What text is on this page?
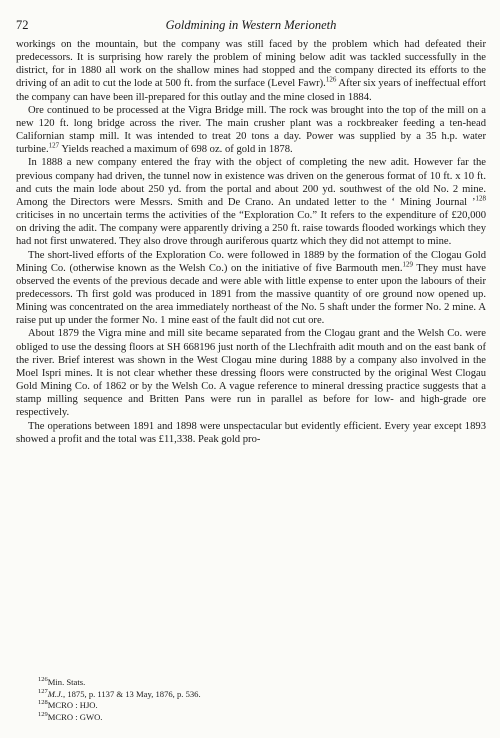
72	Goldmining in Western Merioneth

workings on the mountain, but the company was still faced by the problem which had defeated their predecessors. It is surprising how rarely the problem of mining below adit was tackled successfully in the district, for in 1880 all work on the shallow mines had stopped and the company directed its efforts to the driving of an adit to cut the lode at 500 ft. from the surface (Level Fawr).$^{126}$ After six years of ineffectual effort the company can have been ill-prepared for this outlay and the mine closed in 1884.

Ore continued to be processed at the Vigra Bridge mill. The rock was brought into the top of the mill on a new 120 ft. long bridge across the river. The main crusher plant was a rockbreaker feeding a ten-head Californian stamp mill. It was intended to treat 20 tons a day. Power was supplied by a 35 h.p. water turbine.$^{127}$ Yields reached a maximum of 698 oz. of gold in 1878.

In 1888 a new company entered the fray with the object of completing the new adit. However far the previous company had driven, the tunnel now in existence was driven on the generous format of 10 ft. x 10 ft. and cuts the main lode about 250 yd. from the portal and about 200 yd. southwest of the old No. 2 mine. Among the Directors were Messrs. Smith and De Crano. An undated letter to the ‘ Mining Journal ’$^{128}$ criticises in no uncertain terms the activities of the “Exploration Co.” It refers to the expenditure of £20,000 on driving the adit. The company were apparently driving a 250 ft. raise towards flooded workings which they had not first unwatered. They also drove through auriferous quartz which they did not attempt to mine.

The short-lived efforts of the Exploration Co. were followed in 1889 by the formation of the Clogau Gold Mining Co. (otherwise known as the Welsh Co.) on the initiative of five Barmouth men.$^{129}$ They must have observed the events of the previous decade and were able with little expense to enter upon the labours of their predecessors. Th first gold was produced in 1891 from the massive quantity of ore ground now opened up. Mining was concentrated on the area immediately northeast of the No. 5 shaft under the former No. 2 mine. A raise put up under the former No. 1 mine east of the fault did not cut ore.

About 1879 the Vigra mine and mill site became separated from the Clogau grant and the Welsh Co. were obliged to use the dessing floors at SH 668196 just north of the Llechfraith adit mouth and on the east bank of the river. Brief interest was shown in the West Clogau mine during 1888 by a company also involved in the Moel Ispri mines. It is not clear whether these dressing floors were constructed by the original West Clogau Gold Mining Co. of 1862 or by the Welsh Co. A vague reference to mineral dressing practice suggests that a stamp milling sequence and Britten Pans were run in parallel as before for low- and high-grade ore respectively.

The operations between 1891 and 1898 were unspectacular but evidently efficient. Every year except 1893 showed a profit and the total was £11,338. Peak gold pro-

$^{126}$Min. Stats.
$^{127}$M.J., 1875, p. 1137 & 13 May, 1876, p. 536.
$^{128}$MCRO : HJO.
$^{129}$MCRO : GWO.
